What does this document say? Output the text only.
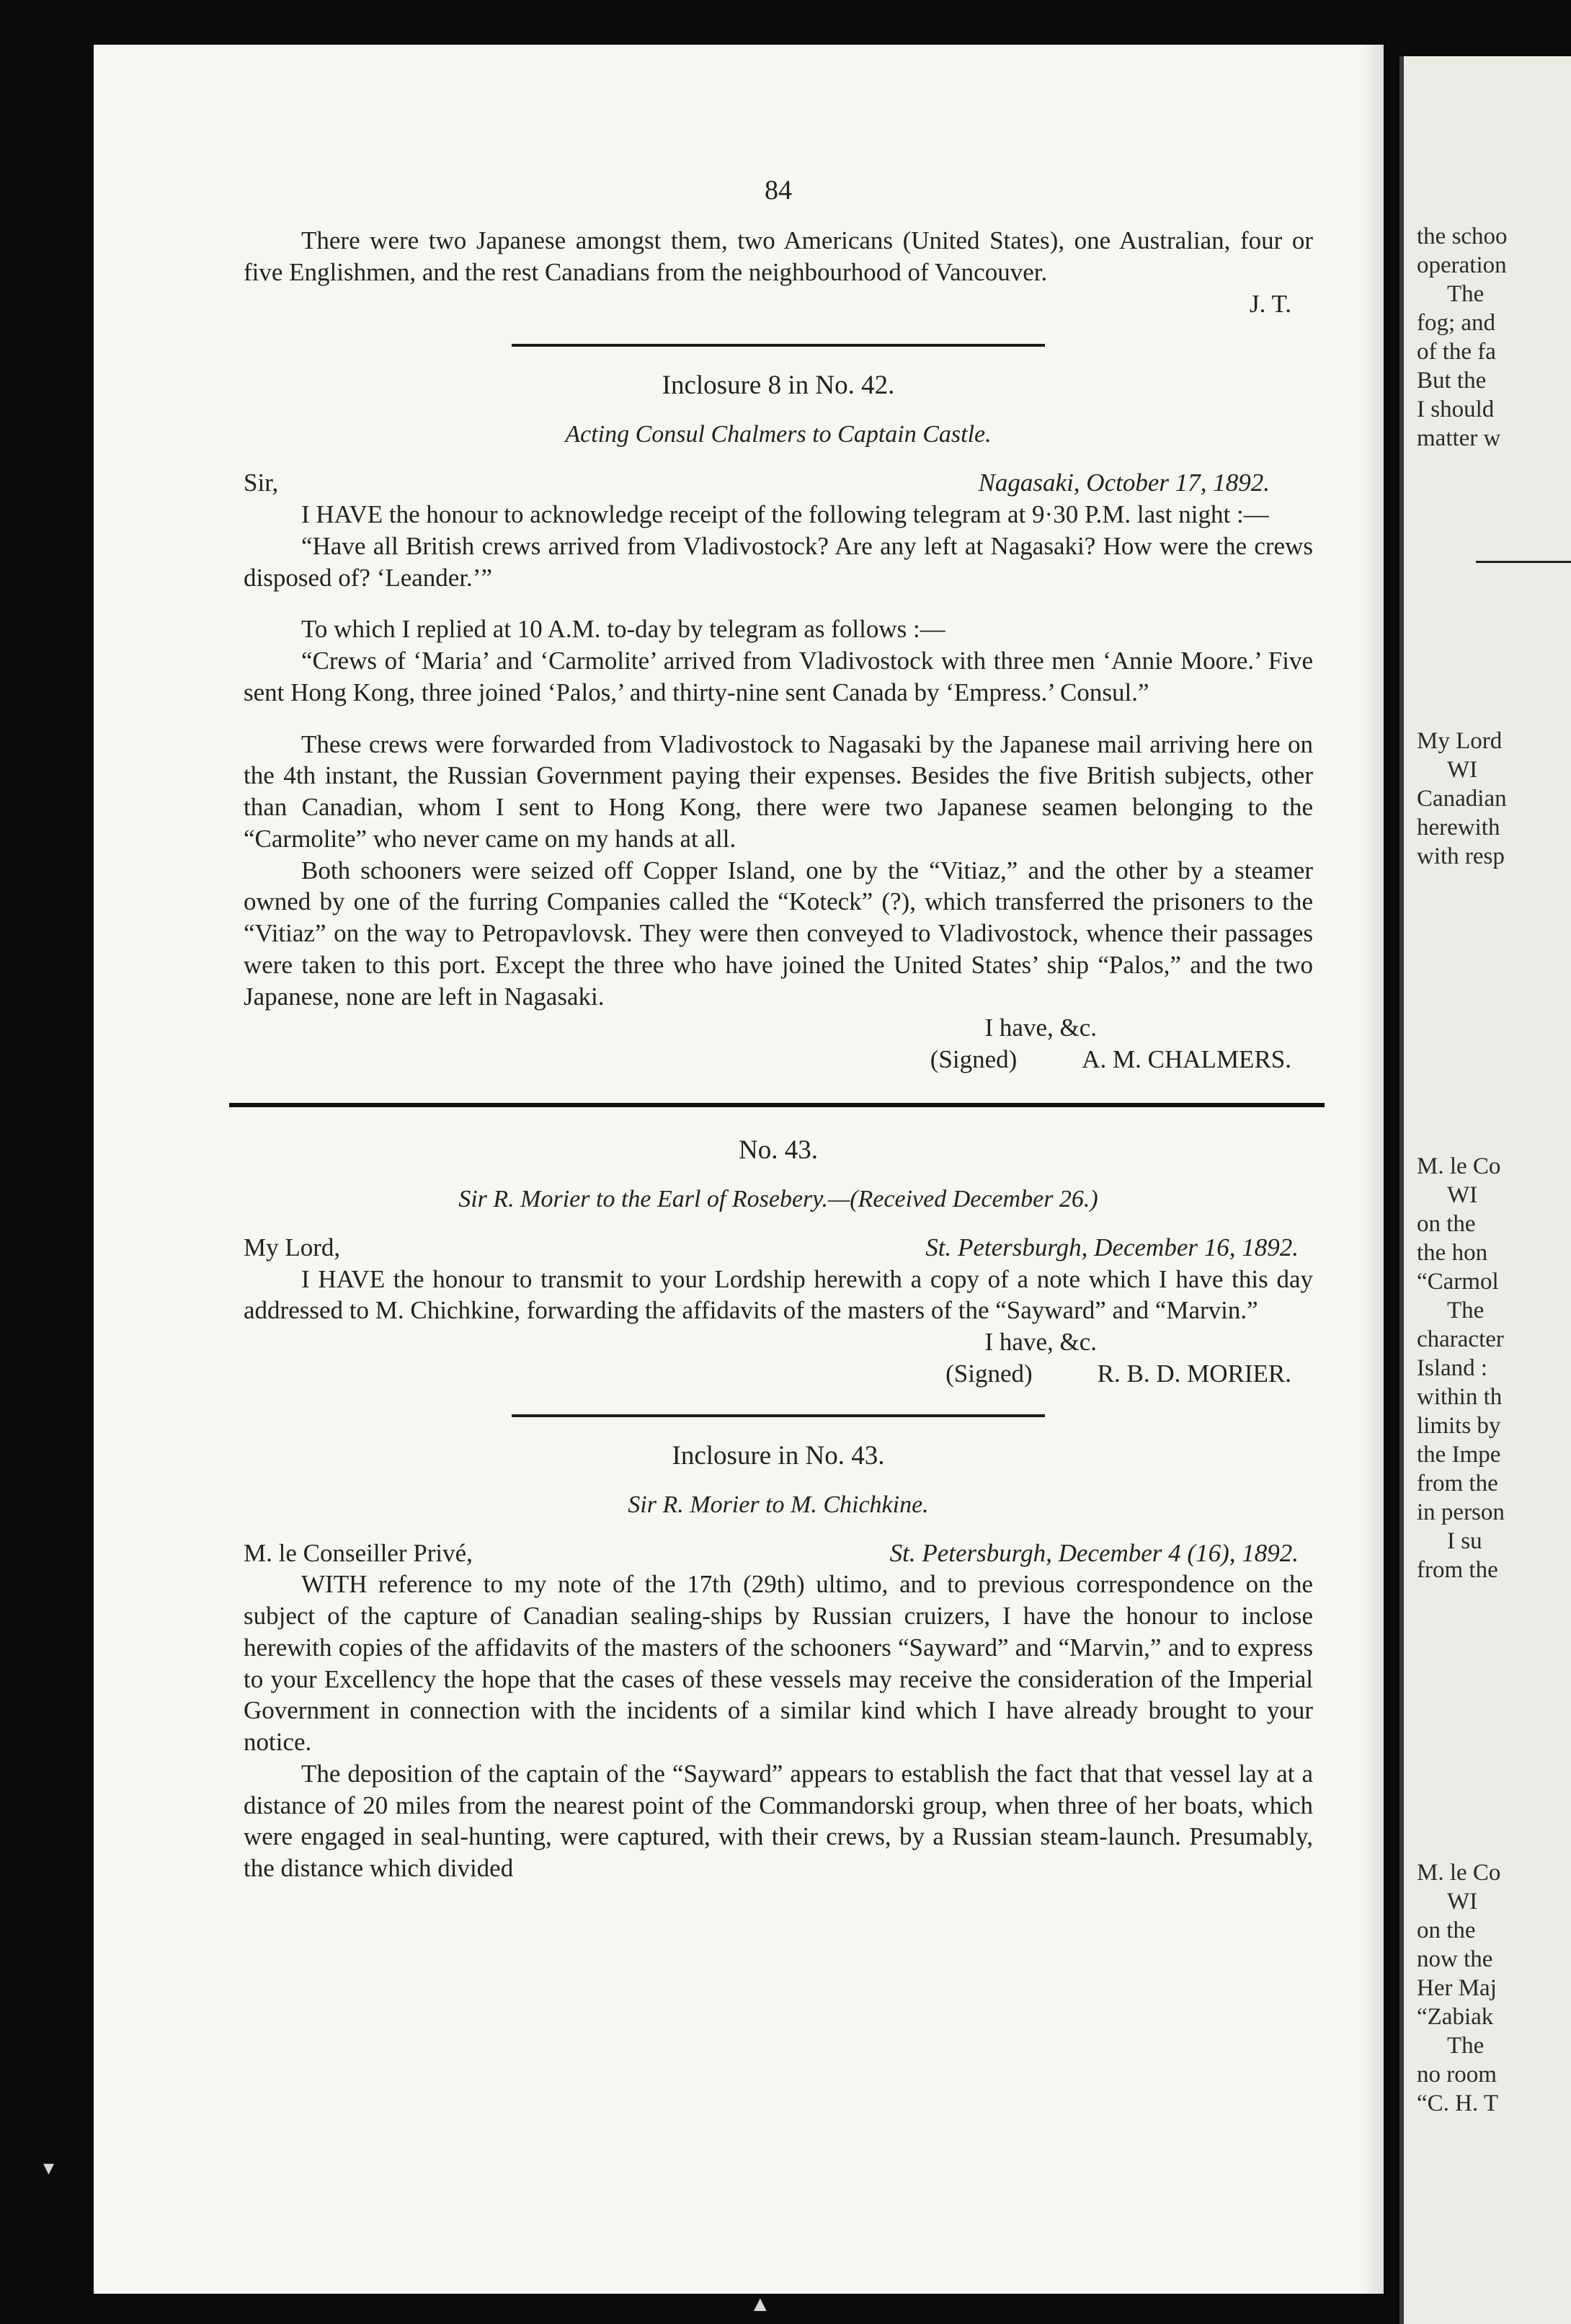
84

There were two Japanese amongst them, two Americans (United States), one Australian, four or five Englishmen, and the rest Canadians from the neighbourhood of Vancouver.

J. T.

Inclosure 8 in No. 42.
Acting Consul Chalmers to Captain Castle.
Sir,	Nagasaki, October 17, 1892.

I HAVE the honour to acknowledge receipt of the following telegram at 9·30 P.M. last night :—

“Have all British crews arrived from Vladivostock? Are any left at Nagasaki? How were the crews disposed of? ‘Leander.’”

To which I replied at 10 A.M. to-day by telegram as follows :—

“Crews of ‘Maria’ and ‘Carmolite’ arrived from Vladivostock with three men ‘Annie Moore.’ Five sent Hong Kong, three joined ‘Palos,’ and thirty-nine sent Canada by ‘Empress.’ Consul.”

These crews were forwarded from Vladivostock to Nagasaki by the Japanese mail arriving here on the 4th instant, the Russian Government paying their expenses. Besides the five British subjects, other than Canadian, whom I sent to Hong Kong, there were two Japanese seamen belonging to the “Carmolite” who never came on my hands at all.

Both schooners were seized off Copper Island, one by the “Vitiaz,” and the other by a steamer owned by one of the furring Companies called the “Koteck” (?), which transferred the prisoners to the “Vitiaz” on the way to Petropavlovsk. They were then conveyed to Vladivostock, whence their passages were taken to this port. Except the three who have joined the United States’ ship “Palos,” and the two Japanese, none are left in Nagasaki.

I have, &c.
(Signed)	A. M. CHALMERS.
No. 43.
Sir R. Morier to the Earl of Rosebery.—(Received December 26.)
My Lord,	St. Petersburgh, December 16, 1892.

I HAVE the honour to transmit to your Lordship herewith a copy of a note which I have this day addressed to M. Chichkine, forwarding the affidavits of the masters of the “Sayward” and “Marvin.”

I have, &c.
(Signed)	R. B. D. MORIER.
Inclosure in No. 43.
Sir R. Morier to M. Chichkine.
M. le Conseiller Privé,	St. Petersburgh, December 4 (16), 1892.

WITH reference to my note of the 17th (29th) ultimo, and to previous correspondence on the subject of the capture of Canadian sealing-ships by Russian cruizers, I have the honour to inclose herewith copies of the affidavits of the masters of the schooners “Sayward” and “Marvin,” and to express to your Excellency the hope that the cases of these vessels may receive the consideration of the Imperial Government in connection with the incidents of a similar kind which I have already brought to your notice.

The deposition of the captain of the “Sayward” appears to establish the fact that that vessel lay at a distance of 20 miles from the nearest point of the Commandorski group, when three of her boats, which were engaged in seal-hunting, were captured, with their crews, by a Russian steam-launch. Presumably, the distance which divided

the schoo
operation
The
fog; and
of the fa
But the
I should
matter w
My Lord
WI
Canadian
herewith
with resp
M. le Co
WI
on the
the hon
“Carmol
The
character
Island :
within th
limits by
the Impe
from the
in person
I su
from the
M. le Co
WI
on the
now the
Her Maj
“Zabiak
The
no room
“C. H. T
▾
▲
